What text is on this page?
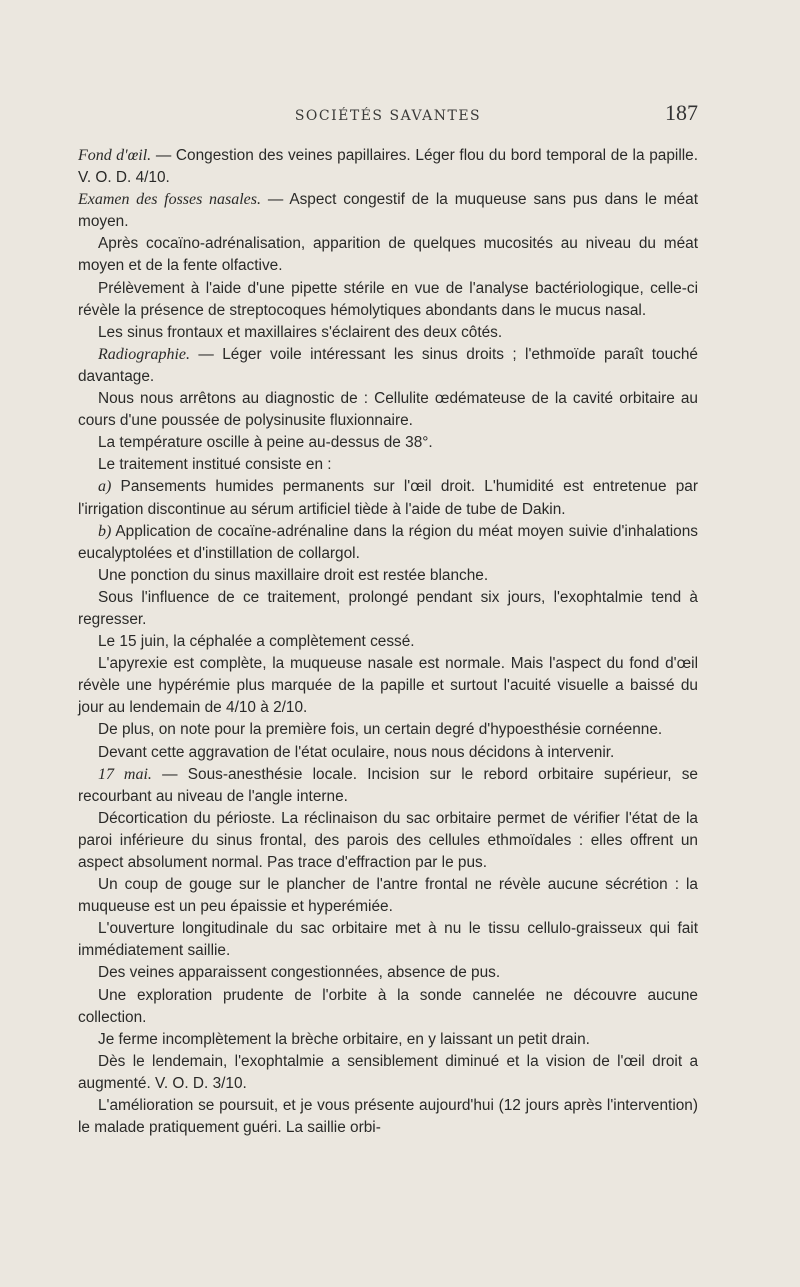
SOCIÉTÉS SAVANTES	187

Fond d'œil. — Congestion des veines papillaires. Léger flou du bord temporal de la papille. V. O. D. 4/10.

Examen des fosses nasales. — Aspect congestif de la muqueuse sans pus dans le méat moyen.

Après cocaïno-adrénalisation, apparition de quelques mucosités au niveau du méat moyen et de la fente olfactive.

Prélèvement à l'aide d'une pipette stérile en vue de l'analyse bactériologique, celle-ci révèle la présence de streptocoques hémolytiques abondants dans le mucus nasal.

Les sinus frontaux et maxillaires s'éclairent des deux côtés.

Radiographie. — Léger voile intéressant les sinus droits ; l'ethmoïde paraît touché davantage.

Nous nous arrêtons au diagnostic de : Cellulite œdémateuse de la cavité orbitaire au cours d'une poussée de polysinusite fluxionnaire.

La température oscille à peine au-dessus de 38°.

Le traitement institué consiste en :

a) Pansements humides permanents sur l'œil droit. L'humidité est entretenue par l'irrigation discontinue au sérum artificiel tiède à l'aide de tube de Dakin.

b) Application de cocaïne-adrénaline dans la région du méat moyen suivie d'inhalations eucalyptolées et d'instillation de collargol.

Une ponction du sinus maxillaire droit est restée blanche.

Sous l'influence de ce traitement, prolongé pendant six jours, l'exophtalmie tend à regresser.

Le 15 juin, la céphalée a complètement cessé.

L'apyrexie est complète, la muqueuse nasale est normale. Mais l'aspect du fond d'œil révèle une hypérémie plus marquée de la papille et surtout l'acuité visuelle a baissé du jour au lendemain de 4/10 à 2/10.

De plus, on note pour la première fois, un certain degré d'hypoesthésie cornéenne.

Devant cette aggravation de l'état oculaire, nous nous décidons à intervenir.

17 mai. — Sous-anesthésie locale. Incision sur le rebord orbitaire supérieur, se recourbant au niveau de l'angle interne.

Décortication du périoste. La réclinaison du sac orbitaire permet de vérifier l'état de la paroi inférieure du sinus frontal, des parois des cellules ethmoïdales : elles offrent un aspect absolument normal. Pas trace d'effraction par le pus.

Un coup de gouge sur le plancher de l'antre frontal ne révèle aucune sécrétion : la muqueuse est un peu épaissie et hyperémiée.

L'ouverture longitudinale du sac orbitaire met à nu le tissu cellulo-graisseux qui fait immédiatement saillie.

Des veines apparaissent congestionnées, absence de pus.

Une exploration prudente de l'orbite à la sonde cannelée ne découvre aucune collection.

Je ferme incomplètement la brèche orbitaire, en y laissant un petit drain.

Dès le lendemain, l'exophtalmie a sensiblement diminué et la vision de l'œil droit a augmenté. V. O. D. 3/10.

L'amélioration se poursuit, et je vous présente aujourd'hui (12 jours après l'intervention) le malade pratiquement guéri. La saillie orbi-
